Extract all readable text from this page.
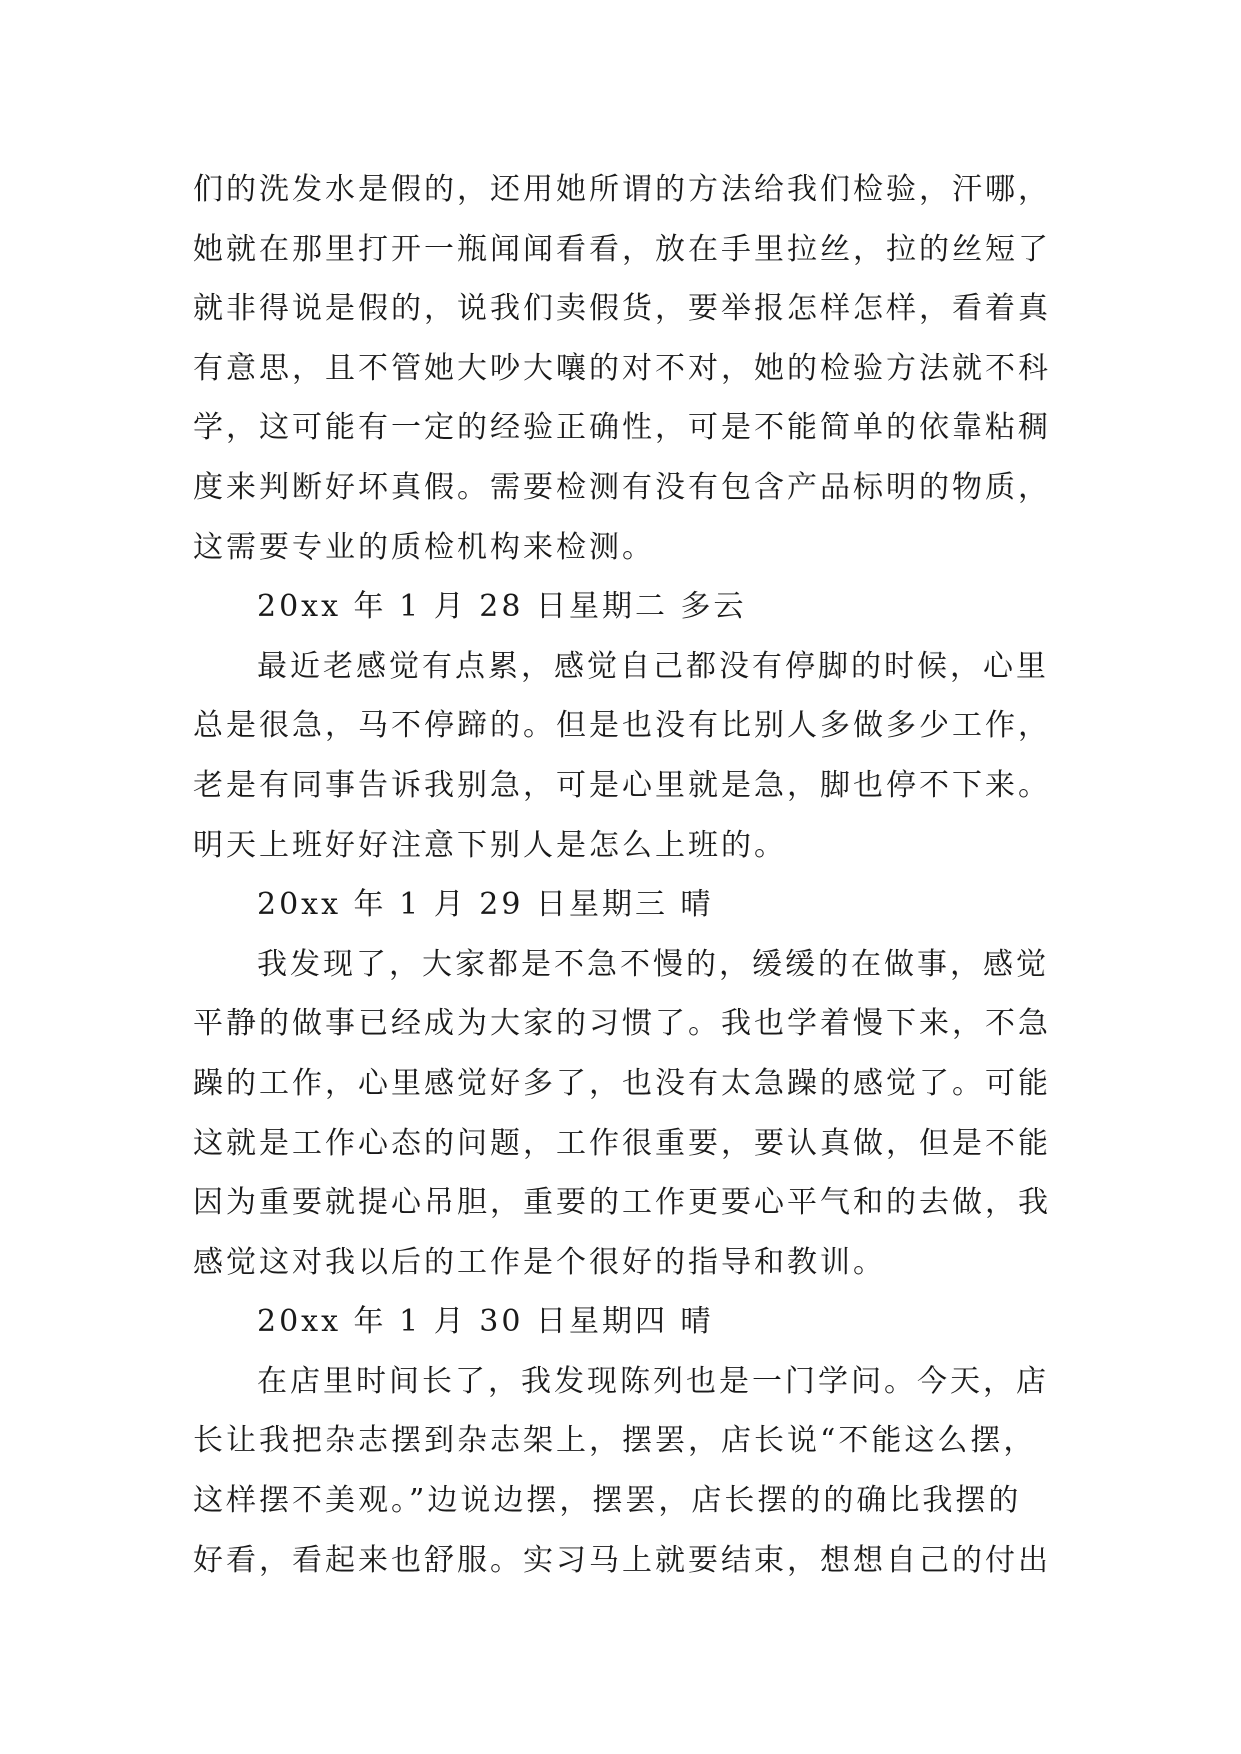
们的洗发水是假的，还用她所谓的方法给我们检验，汗哪，
她就在那里打开一瓶闻闻看看，放在手里拉丝，拉的丝短了
就非得说是假的，说我们卖假货，要举报怎样怎样，看着真
有意思，且不管她大吵大嚷的对不对，她的检验方法就不科
学，这可能有一定的经验正确性，可是不能简单的依靠粘稠
度来判断好坏真假。需要检测有没有包含产品标明的物质，
这需要专业的质检机构来检测。
20xx 年 1 月 28 日星期二 多云
最近老感觉有点累，感觉自己都没有停脚的时候，心里
总是很急，马不停蹄的。但是也没有比别人多做多少工作，
老是有同事告诉我别急，可是心里就是急，脚也停不下来。
明天上班好好注意下别人是怎么上班的。
20xx 年 1 月 29 日星期三 晴
我发现了，大家都是不急不慢的，缓缓的在做事，感觉
平静的做事已经成为大家的习惯了。我也学着慢下来，不急
躁的工作，心里感觉好多了，也没有太急躁的感觉了。可能
这就是工作心态的问题，工作很重要，要认真做，但是不能
因为重要就提心吊胆，重要的工作更要心平气和的去做，我
感觉这对我以后的工作是个很好的指导和教训。
20xx 年 1 月 30 日星期四 晴
在店里时间长了，我发现陈列也是一门学问。今天，店
长让我把杂志摆到杂志架上，摆罢，店长说“不能这么摆，
这样摆不美观。”边说边摆，摆罢，店长摆的的确比我摆的
好看，看起来也舒服。实习马上就要结束，想想自己的付出
